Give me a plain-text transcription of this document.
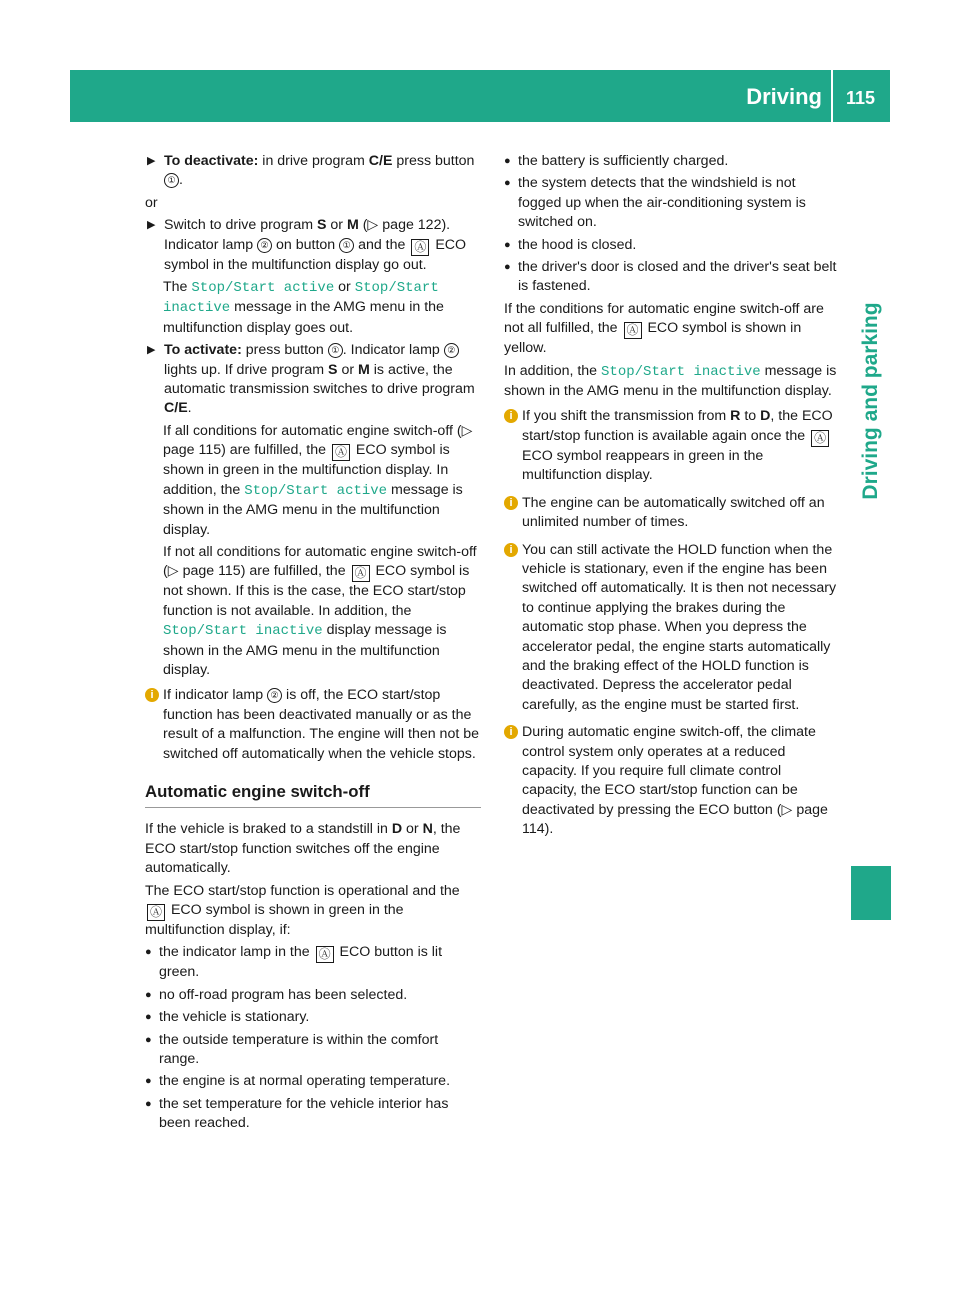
Driving 115
Driving and parking
▶ To deactivate: in drive program C/E press button ① .

or

▶ Switch to drive program S or M (▷ page 122). Indicator lamp ② on button ① and the Ⓐ ECO symbol in the multifunction display go out.

The Stop/Start active or Stop/Start inactive message in the AMG menu in the multifunction display goes out.

▶ To activate: press button ① . Indicator lamp ② lights up. If drive program S or M is active, the automatic transmission switches to drive program C/E.

If all conditions for automatic engine switch-off (▷ page 115) are fulfilled, the Ⓐ ECO symbol is shown in green in the multifunction display. In addition, the Stop/Start active message is shown in the AMG menu in the multifunction display.

If not all conditions for automatic engine switch-off (▷ page 115) are fulfilled, the Ⓐ ECO symbol is not shown. If this is the case, the ECO start/stop function is not available. In addition, the Stop/Start inactive display message is shown in the AMG menu in the multifunction display.

i If indicator lamp ② is off, the ECO start/stop function has been deactivated manually or as the result of a malfunction. The engine will then not be switched off automatically when the vehicle stops.
Automatic engine switch-off

If the vehicle is braked to a standstill in D or N, the ECO start/stop function switches off the engine automatically.

The ECO start/stop function is operational and the Ⓐ ECO symbol is shown in green in the multifunction display, if:

● the indicator lamp in the Ⓐ ECO button is lit green.
● no off-road program has been selected.
● the vehicle is stationary.
● the outside temperature is within the comfort range.
● the engine is at normal operating temperature.
● the set temperature for the vehicle interior has been reached.
● the battery is sufficiently charged.
● the system detects that the windshield is not fogged up when the air-conditioning system is switched on.
● the hood is closed.
● the driver's door is closed and the driver's seat belt is fastened.

If the conditions for automatic engine switch-off are not all fulfilled, the Ⓐ ECO symbol is shown in yellow.

In addition, the Stop/Start inactive message is shown in the AMG menu in the multifunction display.

i If you shift the transmission from R to D, the ECO start/stop function is available again once the Ⓐ ECO symbol reappears in green in the multifunction display.
i The engine can be automatically switched off an unlimited number of times.
i You can still activate the HOLD function when the vehicle is stationary, even if the engine has been switched off automatically. It is then not necessary to continue applying the brakes during the automatic stop phase. When you depress the accelerator pedal, the engine starts automatically and the braking effect of the HOLD function is deactivated. Depress the accelerator pedal carefully, as the engine must be started first.
i During automatic engine switch-off, the climate control system only operates at a reduced capacity. If you require full climate control capacity, the ECO start/stop function can be deactivated by pressing the ECO button (▷ page 114).
